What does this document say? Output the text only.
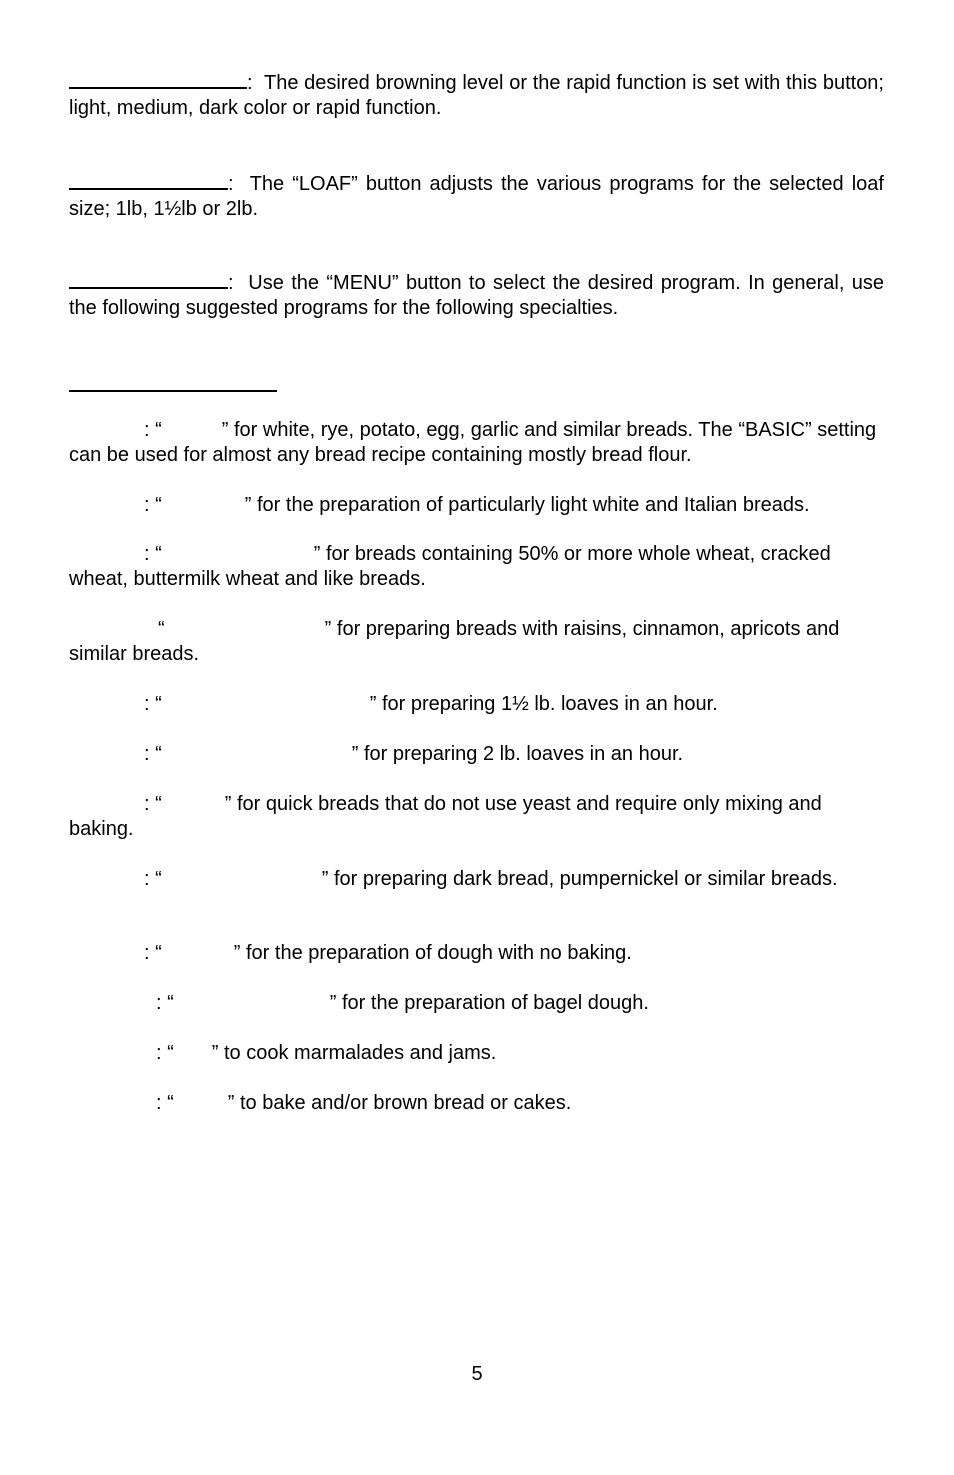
: The desired browning level or the rapid function is set with this button; light, medium, dark color or rapid function.

: The “LOAF” button adjusts the various programs for the selected loaf size; 1lb, 1½lb or 2lb.

: Use the “MENU” button to select the desired program. In general, use the following suggested programs for the following specialties.

: “	” for white, rye, potato, egg, garlic and similar breads. The “BASIC” setting can be used for almost any bread recipe containing mostly bread flour.

: “	” for the preparation of particularly light white and Italian breads.

: “	” for breads containing 50% or more whole wheat, cracked wheat, buttermilk wheat and like breads.

“	” for preparing breads with raisins, cinnamon, apricots and similar breads.

: “	” for preparing 1½ lb. loaves in an hour.

: “	” for preparing 2 lb. loaves in an hour.

: “	” for quick breads that do not use yeast and require only mixing and baking.

: “	” for preparing dark bread, pumpernickel or similar breads.

: “	” for the preparation of dough with no baking.

: “	” for the preparation of bagel dough.

: “ ” to cook marmalades and jams.

: “	” to bake and/or brown bread or cakes.

5
